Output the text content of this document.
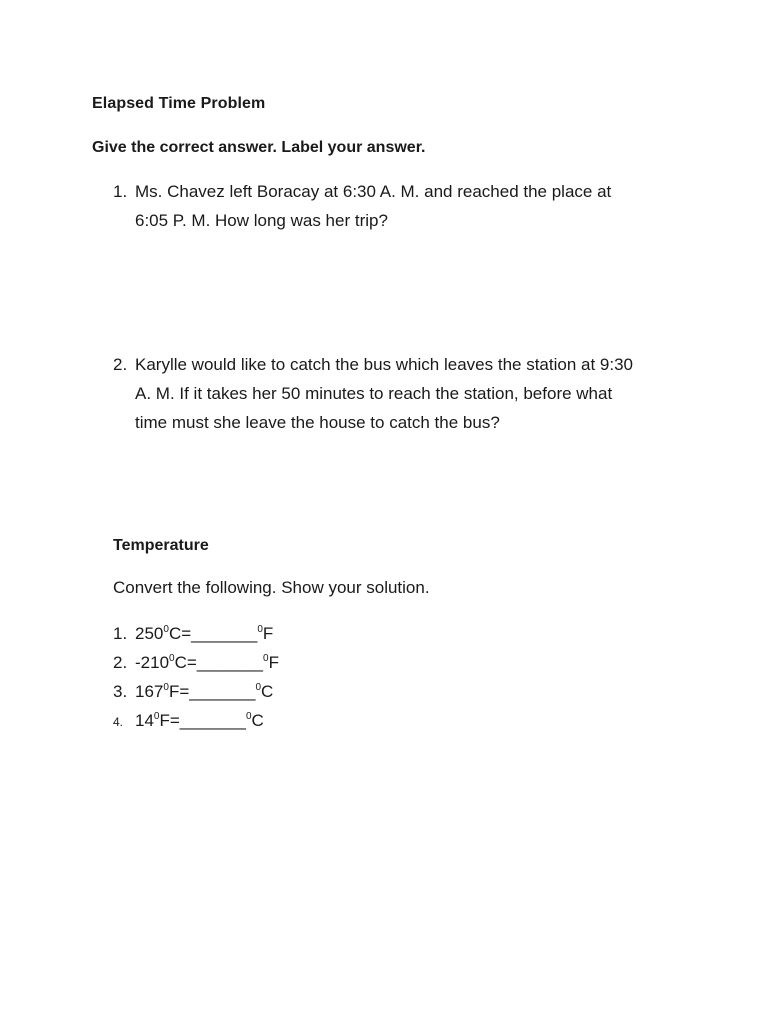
Elapsed Time Problem
Give the correct answer. Label your answer.
1. Ms. Chavez left Boracay at 6:30 A. M. and reached the place at
6:05 P. M. How long was her trip?
2. Karylle would like to catch the bus which leaves the station at 9:30
A. M. If it takes her 50 minutes to reach the station, before what
time must she leave the house to catch the bus?
Temperature
Convert the following. Show your solution.
1. $250^0C=\_\_\_\_\_\_\_^0F$
2. $-210^0C=\_\_\_\_\_\_\_^0F$
3. $167^0F=\_\_\_\_\_\_\_^0C$
4. $14^0F=\_\_\_\_\_\_\_^0C$
